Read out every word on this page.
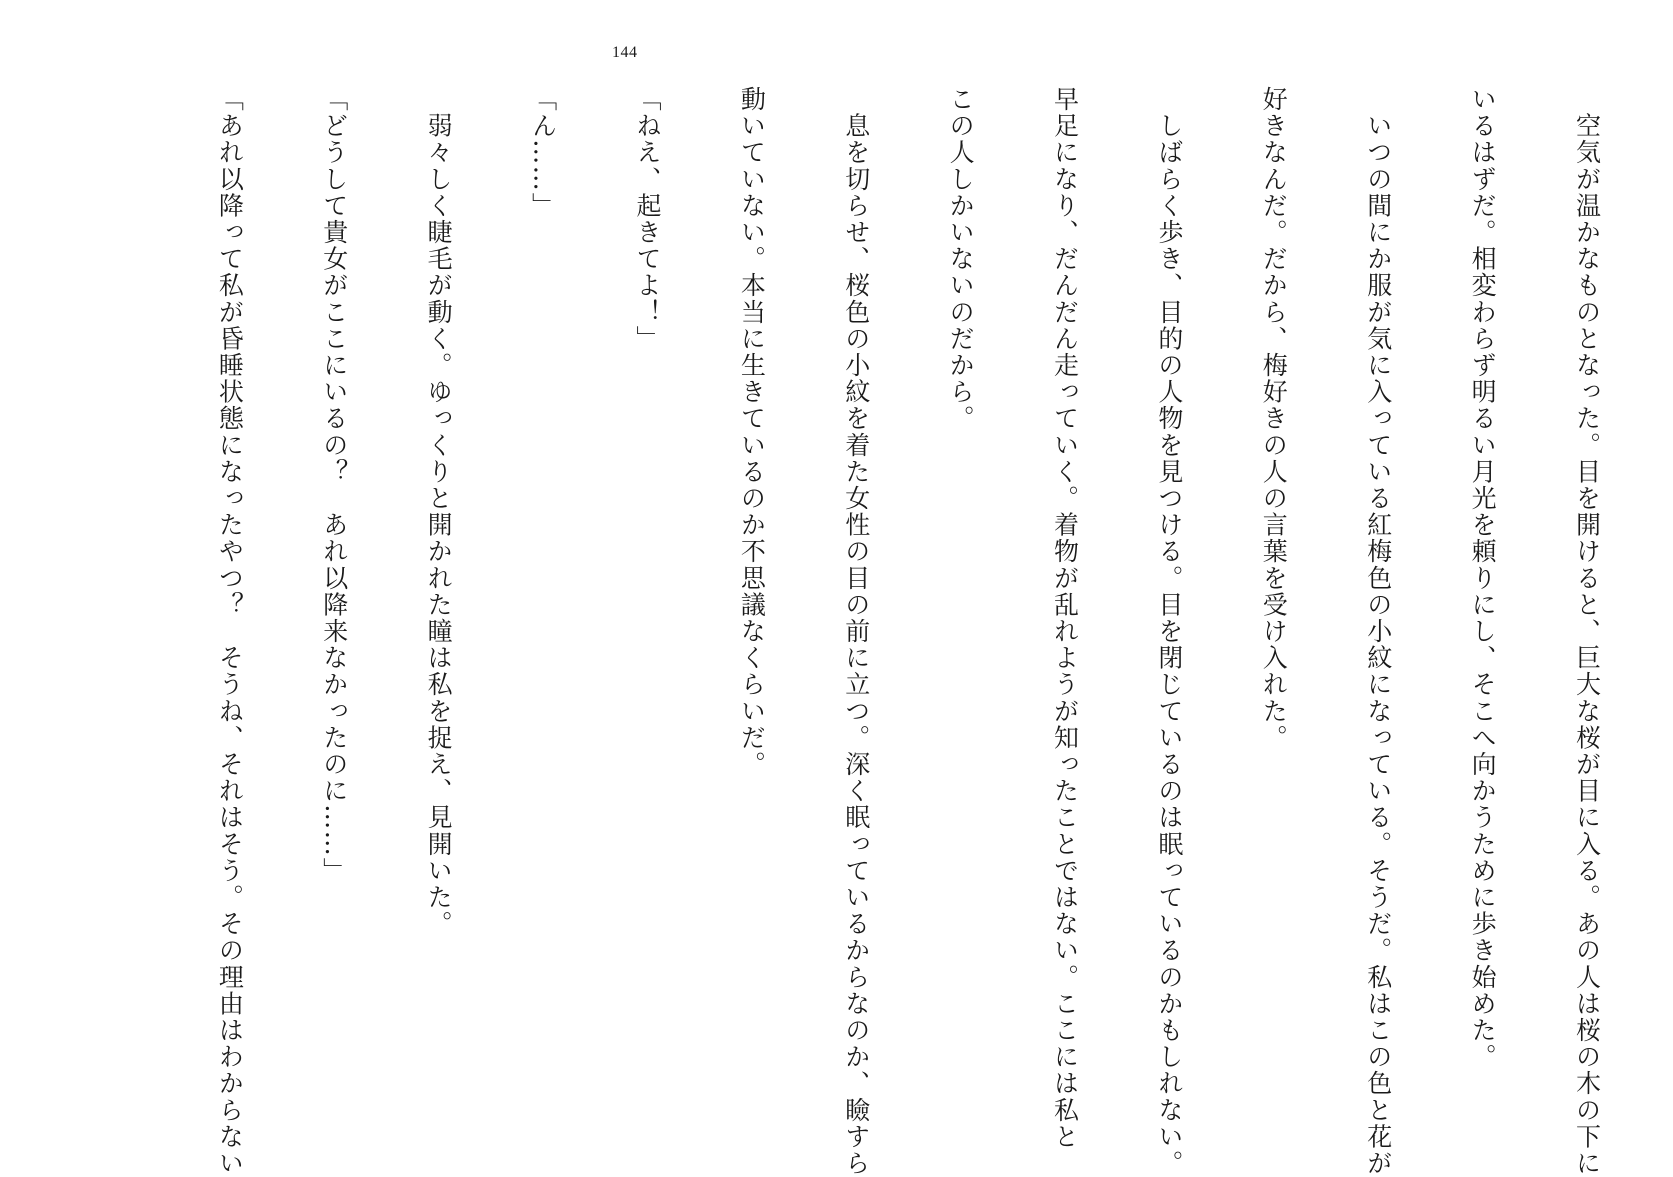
144

　空気が温かなものとなった。目を開けると、巨大な桜が目に入る。あの人は桜の木の下に

いるはずだ。相変わらず明るい月光を頼りにし、そこへ向かうために歩き始めた。

　いつの間にか服が気に入っている紅梅色の小紋になっている。そうだ。私はこの色と花が

好きなんだ。だから、梅好きの人の言葉を受け入れた。

　しばらく歩き、目的の人物を見つける。目を閉じているのは眠っているのかもしれない。

早足になり、だんだん走っていく。着物が乱れようが知ったことではない。ここには私と

この人しかいないのだから。

　息を切らせ、桜色の小紋を着た女性の目の前に立つ。深く眠っているからなのか、瞼すら

動いていない。本当に生きているのか不思議なくらいだ。

「ねえ、起きてよ！」

「ん……」

　弱々しく睫毛が動く。ゆっくりと開かれた瞳は私を捉え、見開いた。

「どうして貴女がここにいるの？　あれ以降来なかったのに……」

「あれ以降って私が昏睡状態になったやつ？　そうね、それはそう。その理由はわからない
